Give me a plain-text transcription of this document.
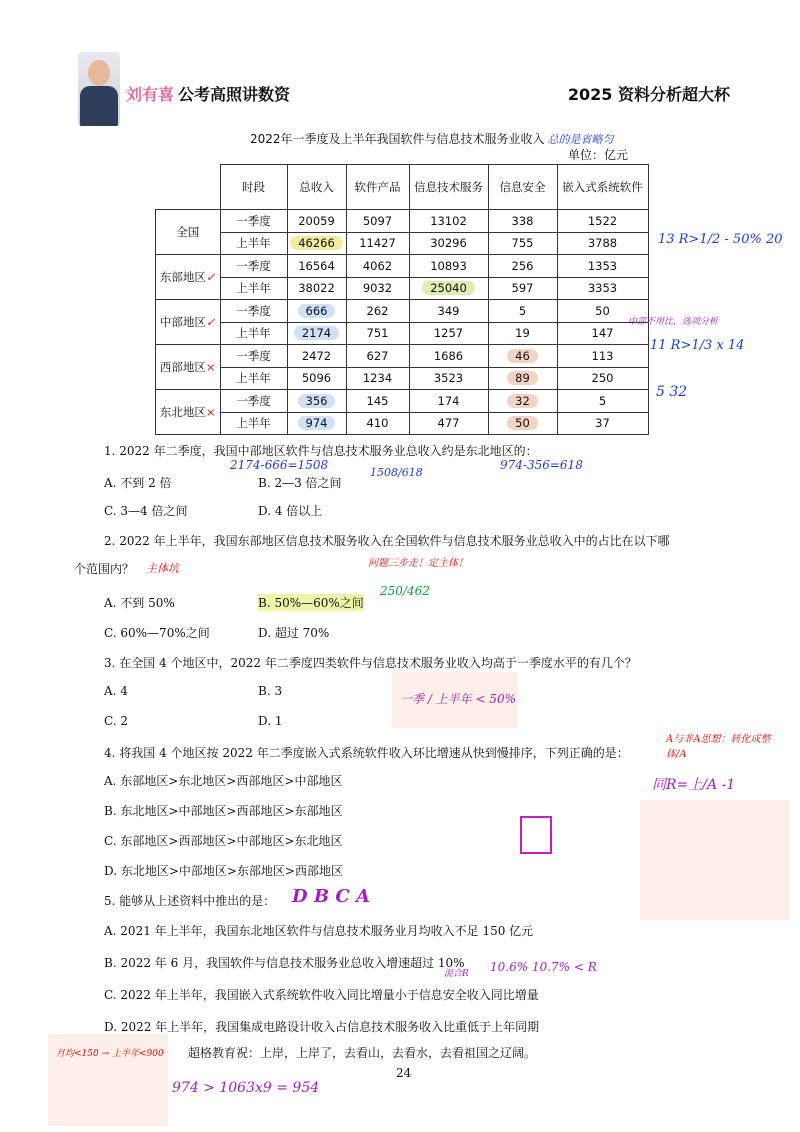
刘有喜 公考高照讲数资	2025 资料分析超大杯
2022年一季度及上半年我国软件与信息技术服务业收入 总的是省略匀
单位：亿元
	时段	总收入	软件产品	信息技术服务	信息安全	嵌入式系统软件
全国	一季度	20059	5097	13102	338	1522
	上半年	46266	11427	30296	755	3788
东部地区✓	一季度	16564	4062	10893	256	1353
	上半年	38022	9032	25040	597	3353
中部地区✓	一季度	666	262	349	5	50
	上半年	2174	751	1257	19	147
西部地区×	一季度	2472	627	1686	46	113
	上半年	5096	1234	3523	89	250
东北地区×	一季度	356	145	174	32	5
	上半年	974	410	477	50	37
13 R>1/2 - 50% 20
中部不用比，选项分析
11 R>1/3 x 14
5 32
1. 2022 年二季度，我国中部地区软件与信息技术服务业总收入约是东北地区的：
2174-666=1508	974-356=618
A. 不到 2 倍	B. 2—3 倍之间
1508/618
C. 3—4 倍之间	D. 4 倍以上
2. 2022 年上半年，我国东部地区信息技术服务收入在全国软件与信息技术服务业总收入中的占比在以下哪
个范围内？ 主体坑	问题三步走！定主体！
A. 不到 50%	B. 50%—60%之间
250/462
C. 60%—70%之间	D. 超过 70%
3. 在全国 4 个地区中，2022 年二季度四类软件与信息技术服务业收入均高于一季度水平的有几个？
A. 4	B. 3
一季 / 上半年 < 50%
C. 2	D. 1
4. 将我国 4 个地区按 2022 年二季度嵌入式系统软件收入环比增速从快到慢排序，下列正确的是：
A与非A思想：转化成整体/A
A. 东部地区>东北地区>西部地区>中部地区
B. 东北地区>中部地区>西部地区>东部地区
C. 东部地区>西部地区>中部地区>东北地区
D. 东北地区>中部地区>东部地区>西部地区
同R=上/A -1
5. 能够从上述资料中推出的是： D B C A
A. 2021 年上半年，我国东北地区软件与信息技术服务业月均收入不足 150 亿元
B. 2022 年 6 月，我国软件与信息技术服务业总收入增速超过 10% 10.6% 10.7% < R
混合R
C. 2022 年上半年，我国嵌入式系统软件收入同比增量小于信息安全收入同比增量
D. 2022 年上半年，我国集成电路设计收入占信息技术服务收入比重低于上年同期
超格教育祝：上岸，上岸了，去看山，去看水，去看祖国之辽阔。
24
月均<150 → 上半年<900
974 > 1063x9 = 954
